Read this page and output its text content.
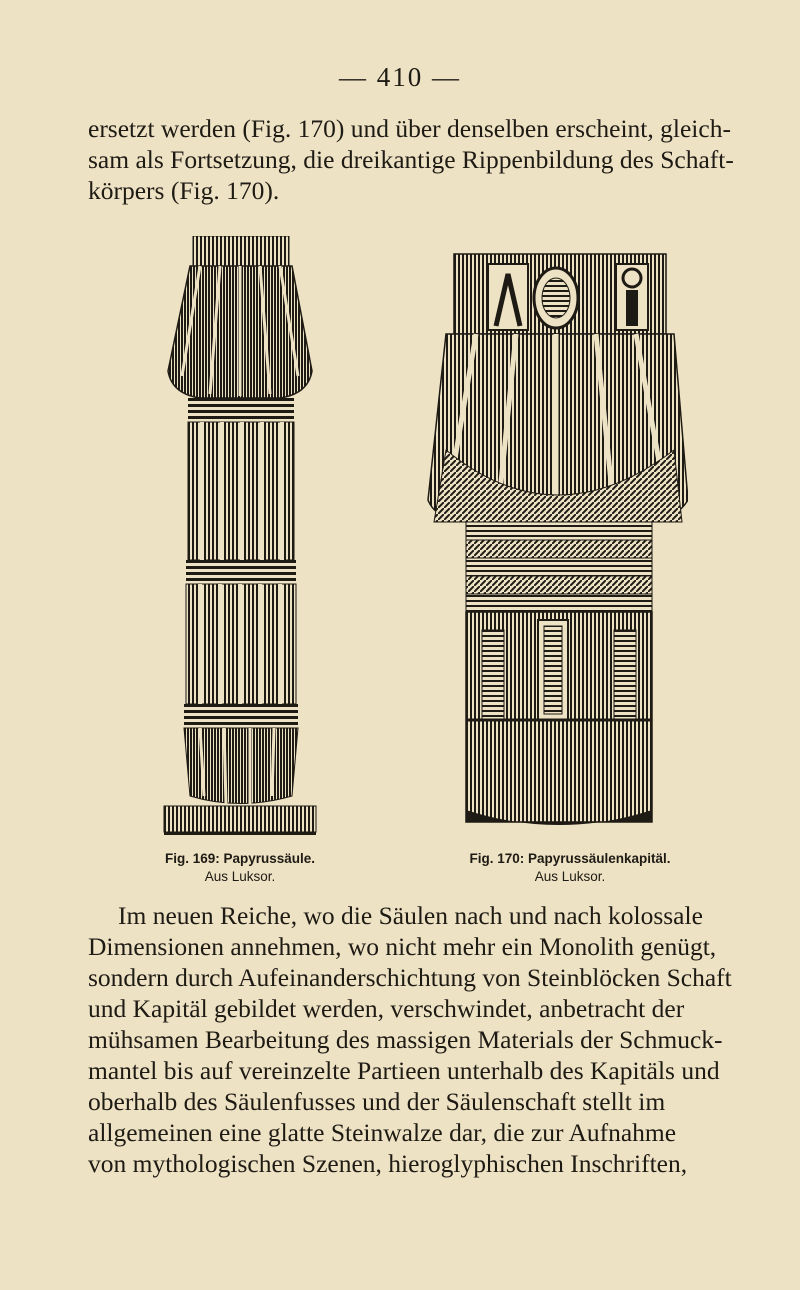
— 410 —

ersetzt werden (Fig. 170) und über denselben erscheint, gleich-
sam als Fortsetzung, die dreikantige Rippenbildung des Schaft-
körpers (Fig. 170).

Fig. 169: Papyrussäule.
Aus Luksor.
Fig. 170: Papyrussäulenkapitäl.
Aus Luksor.

Im neuen Reiche, wo die Säulen nach und nach kolossale
Dimensionen annehmen, wo nicht mehr ein Monolith genügt,
sondern durch Aufeinanderschichtung von Steinblöcken Schaft
und Kapitäl gebildet werden, verschwindet, anbetracht der
mühsamen Bearbeitung des massigen Materials der Schmuck-
mantel bis auf vereinzelte Partieen unterhalb des Kapitäls und
oberhalb des Säulenfusses und der Säulenschaft stellt im
allgemeinen eine glatte Steinwalze dar, die zur Aufnahme
von mythologischen Szenen, hieroglyphischen Inschriften,
